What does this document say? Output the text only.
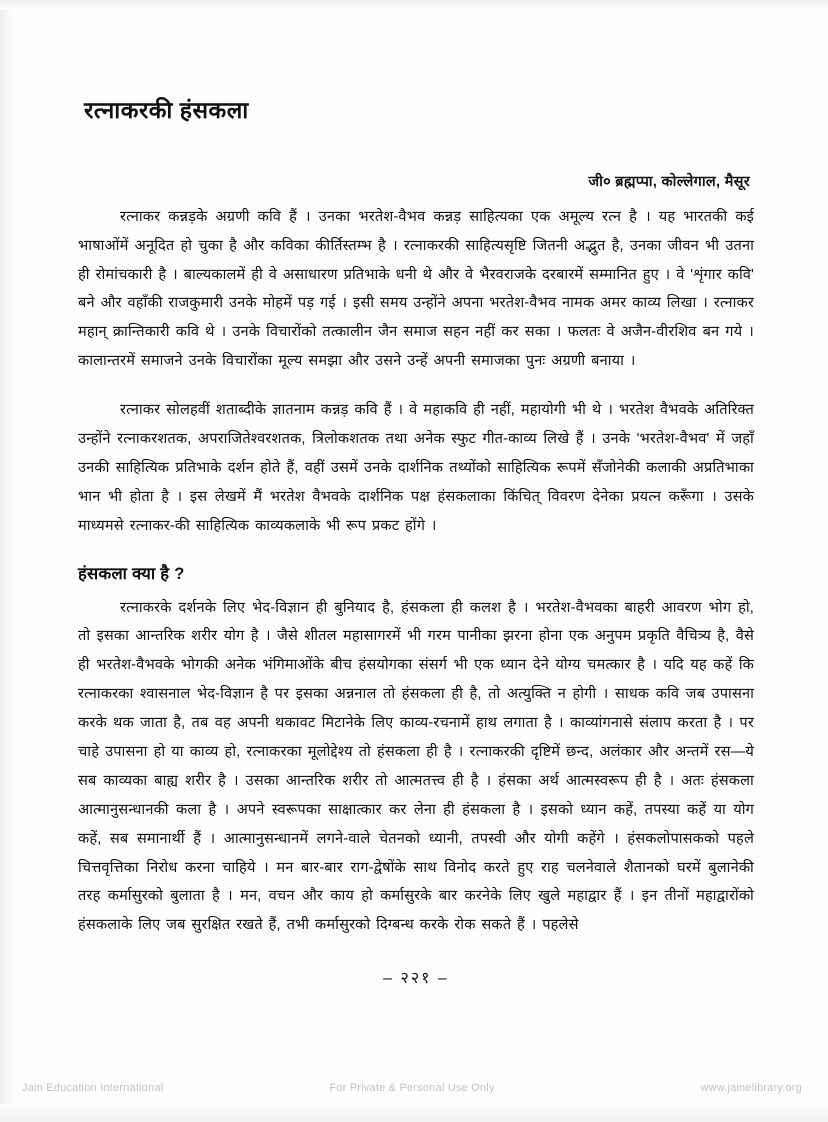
रत्नाकरकी हंसकला
जी० ब्रह्मप्पा, कोल्लेगाल, मैसूर

रत्नाकर कन्नड़के अग्रणी कवि हैं । उनका भरतेश-वैभव कन्नड़ साहित्यका एक अमूल्य रत्न है । यह भारतकी कई भाषाओंमें अनूदित हो चुका है और कविका कीर्तिस्तम्भ है । रत्नाकरकी साहित्यसृष्टि जितनी अद्भुत है, उनका जीवन भी उतना ही रोमांचकारी है । बाल्यकालमें ही वे असाधारण प्रतिभाके धनी थे और वे भैरवराजके दरबारमें सम्मानित हुए । वे 'शृंगार कवि' बने और वहाँकी राजकुमारी उनके मोहमें पड़ गई । इसी समय उन्होंने अपना भरतेश-वैभव नामक अमर काव्य लिखा । रत्नाकर महान् क्रान्तिकारी कवि थे । उनके विचारोंको तत्कालीन जैन समाज सहन नहीं कर सका । फलतः वे अजैन-वीरशिव बन गये । कालान्तरमें समाजने उनके विचारोंका मूल्य समझा और उसने उन्हें अपनी समाजका पुनः अग्रणी बनाया ।

रत्नाकर सोलहवीं शताब्दीके ज्ञातनाम कन्नड़ कवि हैं । वे महाकवि ही नहीं, महायोगी भी थे । भरतेश वैभवके अतिरिक्त उन्होंने रत्नाकरशतक, अपराजितेश्वरशतक, त्रिलोकशतक तथा अनेक स्फुट गीत-काव्य लिखे हैं । उनके 'भरतेश-वैभव' में जहाँ उनकी साहित्यिक प्रतिभाके दर्शन होते हैं, वहीं उसमें उनके दार्शनिक तथ्योंको साहित्यिक रूपमें सँजोनेकी कलाकी अप्रतिभाका भान भी होता है । इस लेखमें मैं भरतेश वैभवके दार्शनिक पक्ष हंसकलाका किंचित् विवरण देनेका प्रयत्न करूँगा । उसके माध्यमसे रत्नाकर-की साहित्यिक काव्यकलाके भी रूप प्रकट होंगे ।

हंसकला क्या है ?

रत्नाकरके दर्शनके लिए भेद-विज्ञान ही बुनियाद है, हंसकला ही कलश है । भरतेश-वैभवका बाहरी आवरण भोग हो, तो इसका आन्तरिक शरीर योग है । जैसे शीतल महासागरमें भी गरम पानीका झरना होना एक अनुपम प्रकृति वैचित्र्य है, वैसे ही भरतेश-वैभवके भोगकी अनेक भंगिमाओंके बीच हंसयोगका संसर्ग भी एक ध्यान देने योग्य चमत्कार है । यदि यह कहें कि रत्नाकरका श्वासनाल भेद-विज्ञान है पर इसका अन्ननाल तो हंसकला ही है, तो अत्युक्ति न होगी । साधक कवि जब उपासना करके थक जाता है, तब वह अपनी थकावट मिटानेके लिए काव्य-रचनामें हाथ लगाता है । काव्यांगनासे संलाप करता है । पर चाहे उपासना हो या काव्य हो, रत्नाकरका मूलोद्देश्य तो हंसकला ही है । रत्नाकरकी दृष्टिमें छन्द, अलंकार और अन्तमें रस—ये सब काव्यका बाह्य शरीर है । उसका आन्तरिक शरीर तो आत्मतत्त्व ही है । हंसका अर्थ आत्मस्वरूप ही है । अतः हंसकला आत्मानुसन्धानकी कला है । अपने स्वरूपका साक्षात्कार कर लेना ही हंसकला है । इसको ध्यान कहें, तपस्या कहें या योग कहें, सब समानार्थी हैं । आत्मानुसन्धानमें लगने-वाले चेतनको ध्यानी, तपस्वी और योगी कहेंगे । हंसकलोपासकको पहले चित्तवृत्तिका निरोध करना चाहिये । मन बार-बार राग-द्वेषोंके साथ विनोद करते हुए राह चलनेवाले शैतानको घरमें बुलानेकी तरह कर्मासुरको बुलाता है । मन, वचन और काय हो कर्मासुरके बार करनेके लिए खुले महाद्वार हैं । इन तीनों महाद्वारोंको हंसकलाके लिए जब सुरक्षित रखते हैं, तभी कर्मासुरको दिग्बन्ध करके रोक सकते हैं । पहलेसे

– २२१ –
Jain Education International	For Private & Personal Use Only	www.jainelibrary.org
